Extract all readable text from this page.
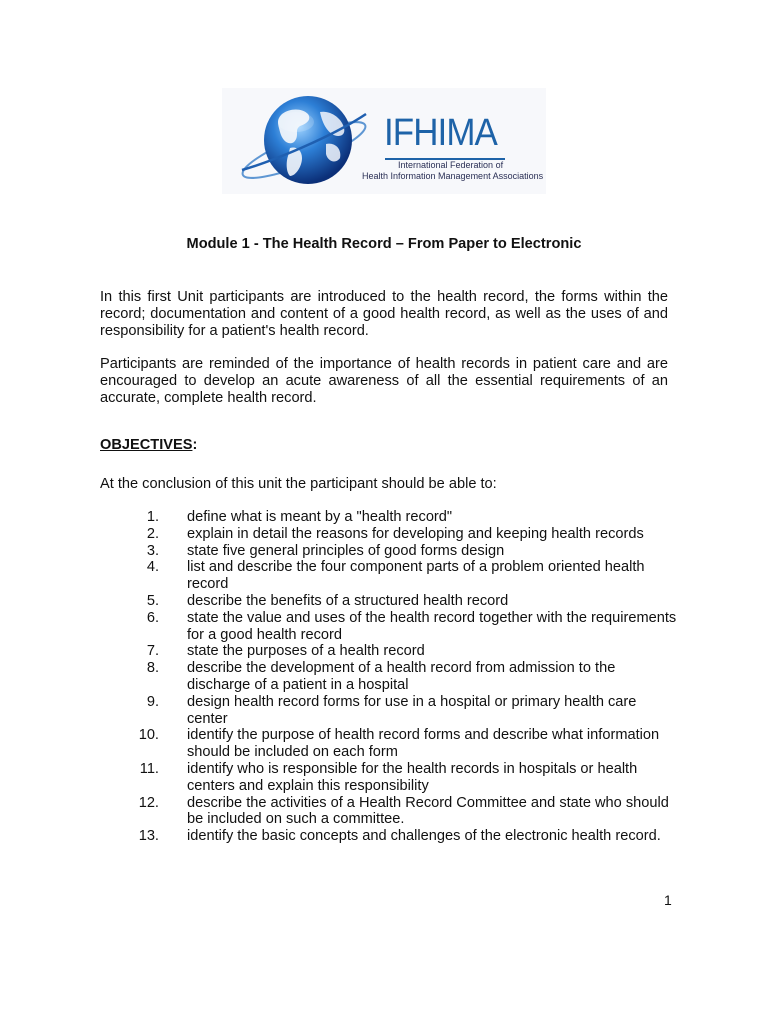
IFHIMA
International Federation of
Health Information Management Associations
Module 1 - The Health Record – From Paper to Electronic

In this first Unit participants are introduced to the health record, the forms within the record; documentation and content of a good health record, as well as the uses of and responsibility for a patient's health record.

Participants are reminded of the importance of health records in patient care and are encouraged to develop an acute awareness of all the essential requirements of an accurate, complete health record.

OBJECTIVES:

At the conclusion of this unit the participant should be able to:

1. define what is meant by a "health record"
2. explain in detail the reasons for developing and keeping health records
3. state five general principles of good forms design
4. list and describe the four component parts of a problem oriented health record
5. describe the benefits of a structured health record
6. state the value and uses of the health record together with the requirements for a good health record
7. state the purposes of a health record
8. describe the development of a health record from admission to the discharge of a patient in a hospital
9. design health record forms for use in a hospital or primary health care center
10. identify the purpose of health record forms and describe what information should be included on each form
11. identify who is responsible for the health records in hospitals or health centers and explain this responsibility
12. describe the activities of a Health Record Committee and state who should be included on such a committee.
13. identify the basic concepts and challenges of the electronic health record.

1
